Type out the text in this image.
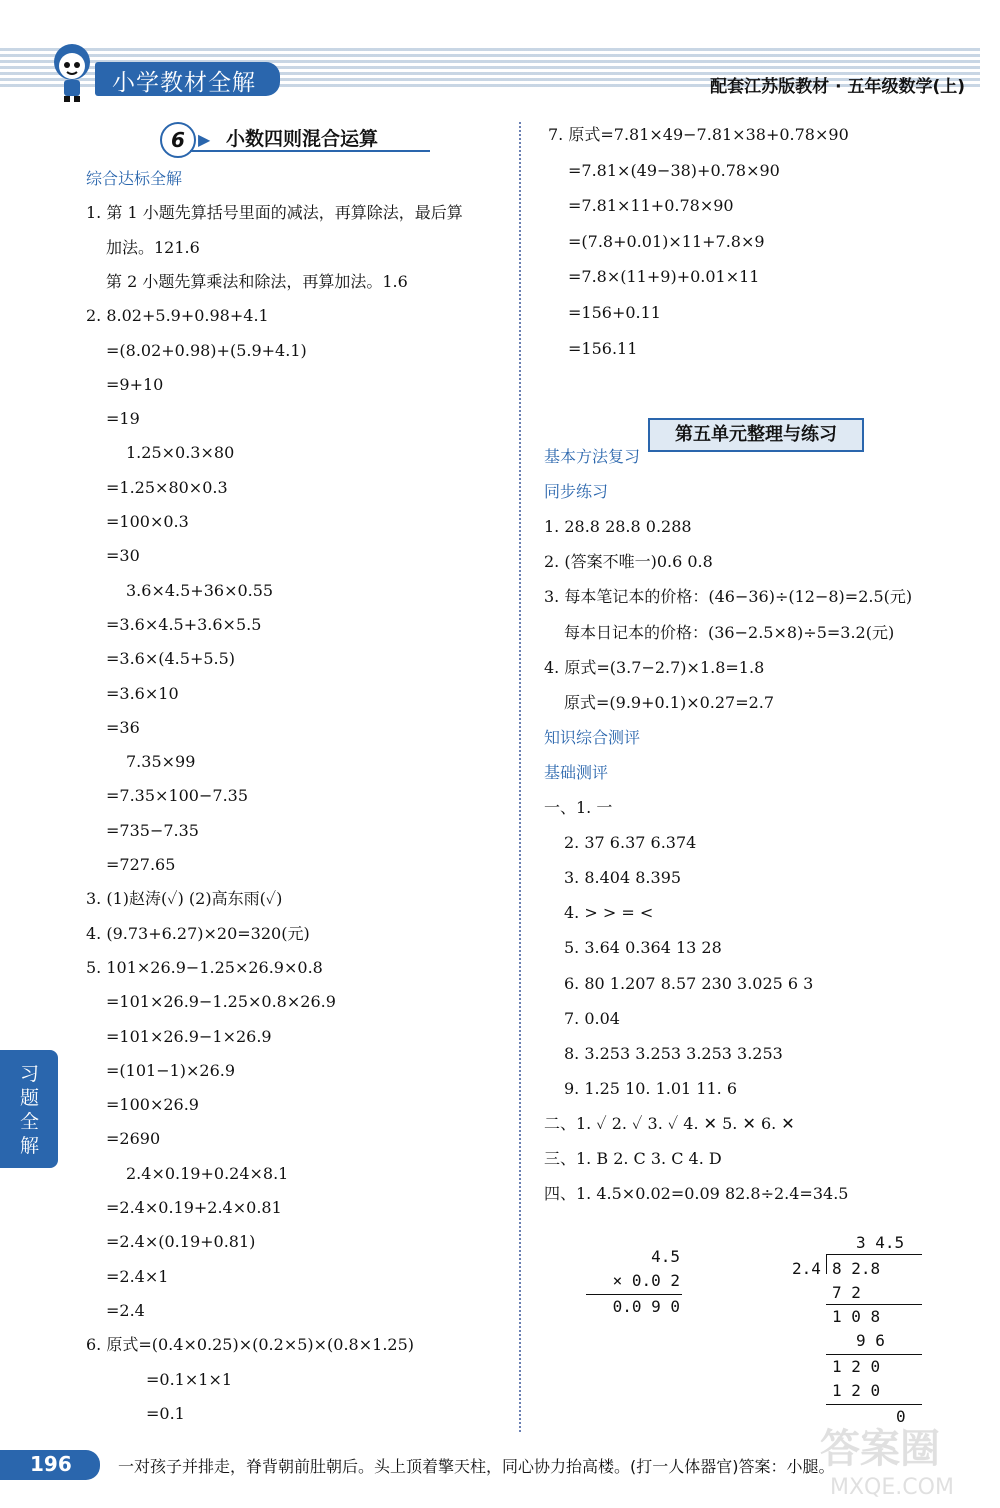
小学教材全解	配套江苏版教材 · 五年级数学(上)
6 ▶ 小数四则混合运算
综合达标全解
1. 第 1 小题先算括号里面的减法，再算除法，最后算
加法。121.6
第 2 小题先算乘法和除法，再算加法。1.6
2. 8.02+5.9+0.98+4.1
=(8.02+0.98)+(5.9+4.1)
=9+10
=19
1.25×0.3×80
=1.25×80×0.3
=100×0.3
=30
3.6×4.5+36×0.55
=3.6×4.5+3.6×5.5
=3.6×(4.5+5.5)
=3.6×10
=36
7.35×99
=7.35×100−7.35
=735−7.35
=727.65
3. (1)赵涛(✓) (2)高东雨(✓)
4. (9.73+6.27)×20=320(元)
5. 101×26.9−1.25×26.9×0.8
=101×26.9−1.25×0.8×26.9
=101×26.9−1×26.9
=(101−1)×26.9
=100×26.9
=2690
2.4×0.19+0.24×8.1
=2.4×0.19+2.4×0.81
=2.4×(0.19+0.81)
=2.4×1
=2.4
6. 原式=(0.4×0.25)×(0.2×5)×(0.8×1.25)
=0.1×1×1
=0.1
7. 原式=7.81×49−7.81×38+0.78×90
=7.81×(49−38)+0.78×90
=7.81×11+0.78×90
=(7.8+0.01)×11+7.8×9
=7.8×(11+9)+0.01×11
=156+0.11
=156.11
第五单元整理与练习
基本方法复习
同步练习
1. 28.8 28.8 0.288
2. (答案不唯一)0.6 0.8
3. 每本笔记本的价格：(46−36)÷(12−8)=2.5(元)
每本日记本的价格：(36−2.5×8)÷5=3.2(元)
4. 原式=(3.7−2.7)×1.8=1.8
原式=(9.9+0.1)×0.27=2.7
知识综合测评
基础测评
一、1. 一
2. 37 6.37 6.374
3. 8.404 8.395
4. > > = <
5. 3.64 0.364 13 28
6. 80 1.207 8.57 230 3.025 6 3
7. 0.04
8. 3.253 3.253 3.253 3.253
9. 1.25 10. 1.01 11. 6
二、1. ✓ 2. ✓ 3. ✓ 4. ✕ 5. ✕ 6. ✕
三、1. B 2. C 3. C 4. D
四、1. 4.5×0.02=0.09 82.8÷2.4=34.5
4.5
× 0.0 2
0.0 9 0
3 4.5
2.4 8 2.8
7 2
1 0 8
9 6
1 2 0
1 2 0
0
习题全解
196	一对孩子并排走，脊背朝前肚朝后。头上顶着擎天柱，同心协力抬高楼。(打一人体器官)答案：小腿。
答案圈
MXQE.COM
